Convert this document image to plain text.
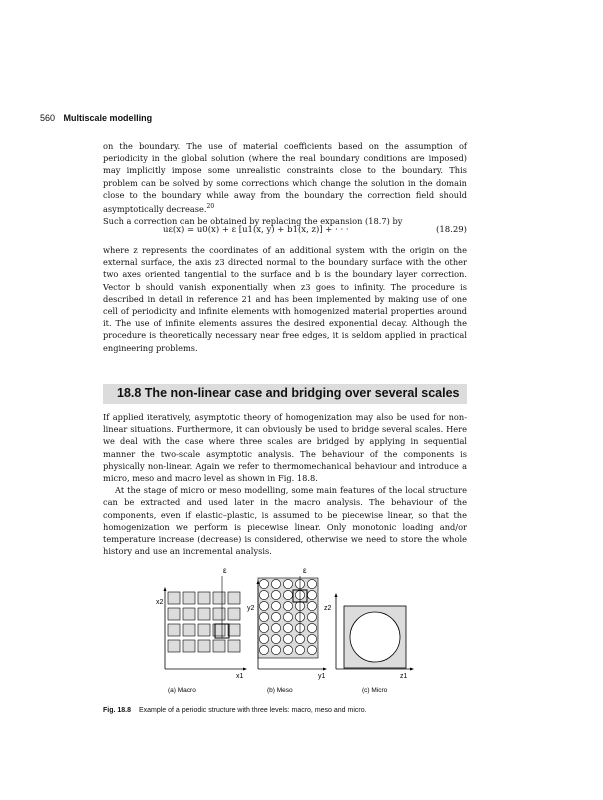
560 Multiscale modelling

on the boundary. The use of material coefficients based on the assumption of periodicity in the global solution (where the real boundary conditions are imposed) may implicitly impose some unrealistic constraints close to the boundary. This problem can be solved by some corrections which change the solution in the domain close to the boundary while away from the boundary the correction field should asymptotically decrease.$^{20}$

Such a correction can be obtained by replacing the expansion (18.7) by

uε(x) = u0(x) + ε [u1(x, y) + b1(x, z)] + · · ·	(18.29)

where z represents the coordinates of an additional system with the origin on the external surface, the axis z3 directed normal to the boundary surface with the other two axes oriented tangential to the surface and b is the boundary layer correction. Vector b should vanish exponentially when z3 goes to infinity. The procedure is described in detail in reference 21 and has been implemented by making use of one cell of periodicity and infinite elements with homogenized material properties around it. The use of infinite elements assures the desired exponential decay. Although the procedure is theoretically necessary near free edges, it is seldom applied in practical engineering problems.

18.8 The non-linear case and bridging over several scales

If applied iteratively, asymptotic theory of homogenization may also be used for non-linear situations. Furthermore, it can obviously be used to bridge several scales. Here we deal with the case where three scales are bridged by applying in sequential manner the two-scale asymptotic analysis. The behaviour of the components is physically non-linear. Again we refer to thermomechanical behaviour and introduce a micro, meso and macro level as shown in Fig. 18.8.

At the stage of micro or meso modelling, some main features of the local structure can be extracted and used later in the macro analysis. The behaviour of the components, even if elastic–plastic, is assumed to be piecewise linear, so that the homogenization we perform is piecewise linear. Only monotonic loading and/or temperature increase (decrease) is considered, otherwise we need to store the whole history and use an incremental analysis.

x2
x1
ε
(a) Macro
y2
y1
ε
(b) Meso
z2
z1
(c) Micro
Fig. 18.8 Example of a periodic structure with three levels: macro, meso and micro.
